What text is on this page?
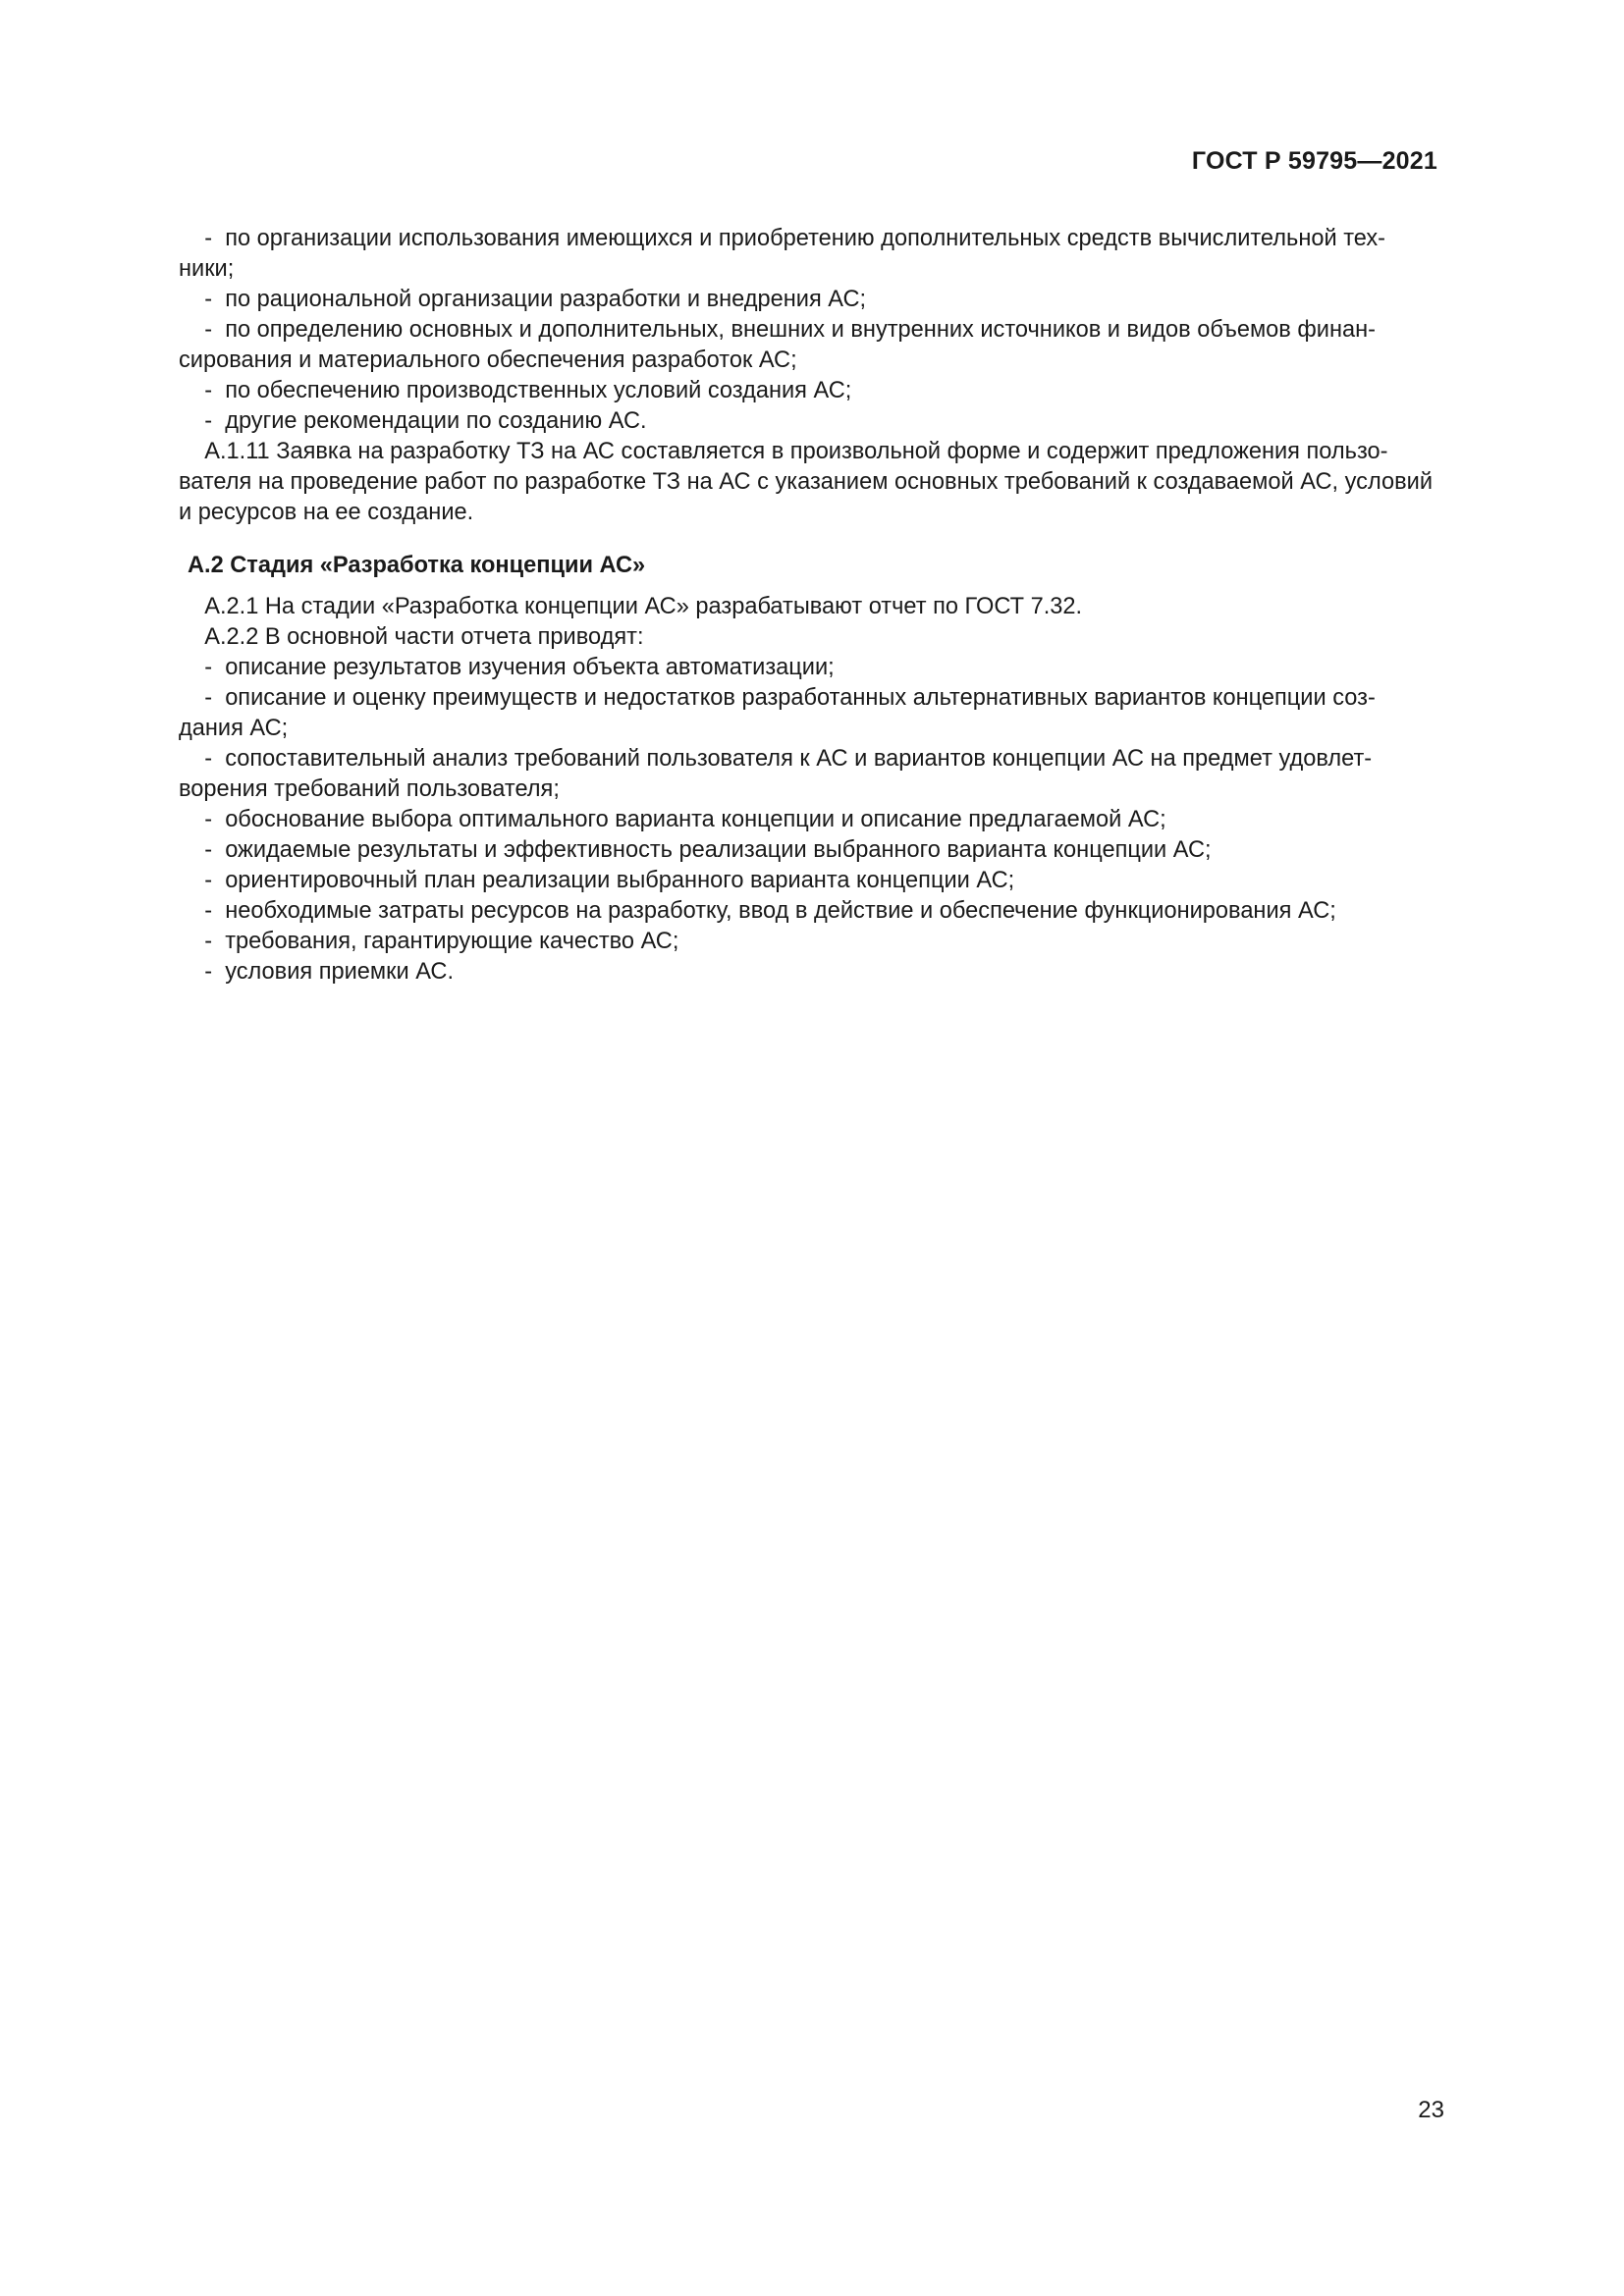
ГОСТ Р 59795—2021

-  по организации использования имеющихся и приобретению дополнительных средств вычислительной тех-

ники;

-  по рациональной организации разработки и внедрения АС;

-  по определению основных и дополнительных, внешних и внутренних источников и видов объемов финан-

сирования и материального обеспечения разработок АС;

-  по обеспечению производственных условий создания АС;

-  другие рекомендации по созданию АС.

А.1.11 Заявка на разработку ТЗ на АС составляется в произвольной форме и содержит предложения пользо-

вателя на проведение работ по разработке ТЗ на АС с указанием основных требований к создаваемой АС, условий

и ресурсов на ее создание.

А.2 Стадия «Разработка концепции АС»

А.2.1 На стадии «Разработка концепции АС» разрабатывают отчет по ГОСТ 7.32.

А.2.2 В основной части отчета приводят:

-  описание результатов изучения объекта автоматизации;

-  описание и оценку преимуществ и недостатков разработанных альтернативных вариантов концепции соз-

дания АС;

-  сопоставительный анализ требований пользователя к АС и вариантов концепции АС на предмет удовлет-

ворения требований пользователя;

-  обоснование выбора оптимального варианта концепции и описание предлагаемой АС;

-  ожидаемые результаты и эффективность реализации выбранного варианта концепции АС;

-  ориентировочный план реализации выбранного варианта концепции АС;

-  необходимые затраты ресурсов на разработку, ввод в действие и обеспечение функционирования АС;

-  требования, гарантирующие качество АС;

-  условия приемки АС.

23
